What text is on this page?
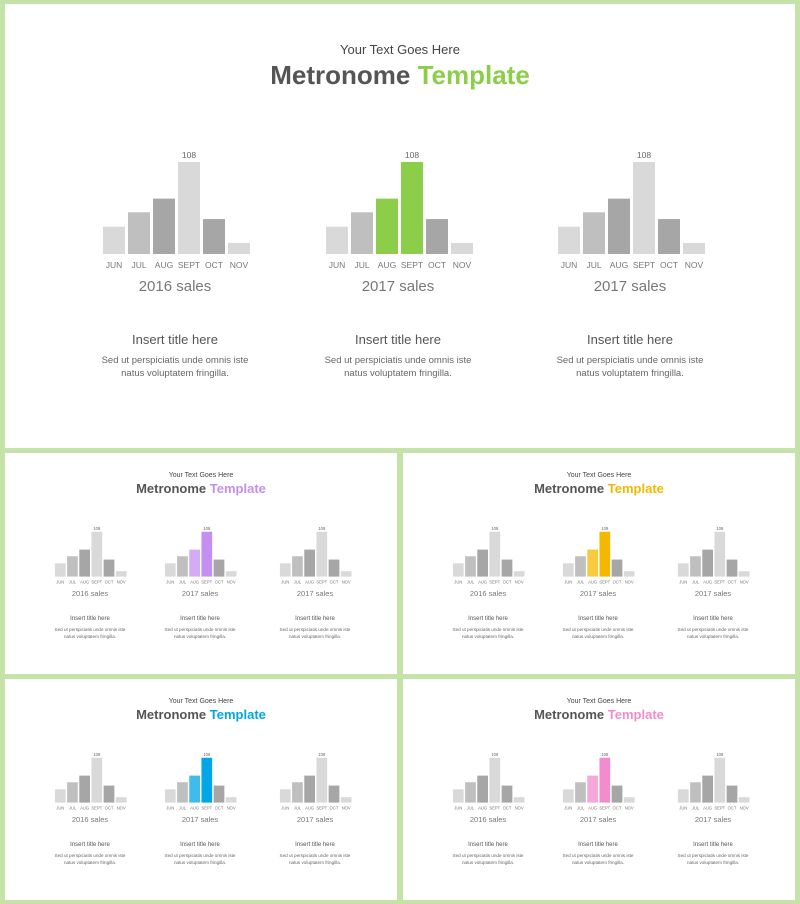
Your Text Goes Here
Metronome Template
JUN JUL AUG SEPT
108
OCT NOV
2016 sales
Insert title here
Sed ut perspiciatis unde omnis iste
natus voluptatem fringilla.
JUN JUL AUG SEPT
108
OCT NOV
2017 sales
Insert title here
Sed ut perspiciatis unde omnis iste
natus voluptatem fringilla.
JUN JUL AUG SEPT
108
OCT NOV
2017 sales
Insert title here
Sed ut perspiciatis unde omnis iste
natus voluptatem fringilla.
Your Text Goes Here
Metronome Template
JUN JUL AUG SEPT
108
OCT NOV
2016 sales
Insert title here
Sed ut perspiciatis unde omnis iste
natus voluptatem fringilla.
JUN JUL AUG SEPT
108
OCT NOV
2017 sales
Insert title here
Sed ut perspiciatis unde omnis iste
natus voluptatem fringilla.
JUN JUL AUG SEPT
108
OCT NOV
2017 sales
Insert title here
Sed ut perspiciatis unde omnis iste
natus voluptatem fringilla.
Your Text Goes Here
Metronome Template
JUN JUL AUG SEPT
108
OCT NOV
2016 sales
Insert title here
Sed ut perspiciatis unde omnis iste
natus voluptatem fringilla.
JUN JUL AUG SEPT
108
OCT NOV
2017 sales
Insert title here
Sed ut perspiciatis unde omnis iste
natus voluptatem fringilla.
JUN JUL AUG SEPT
108
OCT NOV
2017 sales
Insert title here
Sed ut perspiciatis unde omnis iste
natus voluptatem fringilla.
Your Text Goes Here
Metronome Template
JUN JUL AUG SEPT
108
OCT NOV
2016 sales
Insert title here
Sed ut perspiciatis unde omnis iste
natus voluptatem fringilla.
JUN JUL AUG SEPT
108
OCT NOV
2017 sales
Insert title here
Sed ut perspiciatis unde omnis iste
natus voluptatem fringilla.
JUN JUL AUG SEPT
108
OCT NOV
2017 sales
Insert title here
Sed ut perspiciatis unde omnis iste
natus voluptatem fringilla.
Your Text Goes Here
Metronome Template
JUN JUL AUG SEPT
108
OCT NOV
2016 sales
Insert title here
Sed ut perspiciatis unde omnis iste
natus voluptatem fringilla.
JUN JUL AUG SEPT
108
OCT NOV
2017 sales
Insert title here
Sed ut perspiciatis unde omnis iste
natus voluptatem fringilla.
JUN JUL AUG SEPT
108
OCT NOV
2017 sales
Insert title here
Sed ut perspiciatis unde omnis iste
natus voluptatem fringilla.
